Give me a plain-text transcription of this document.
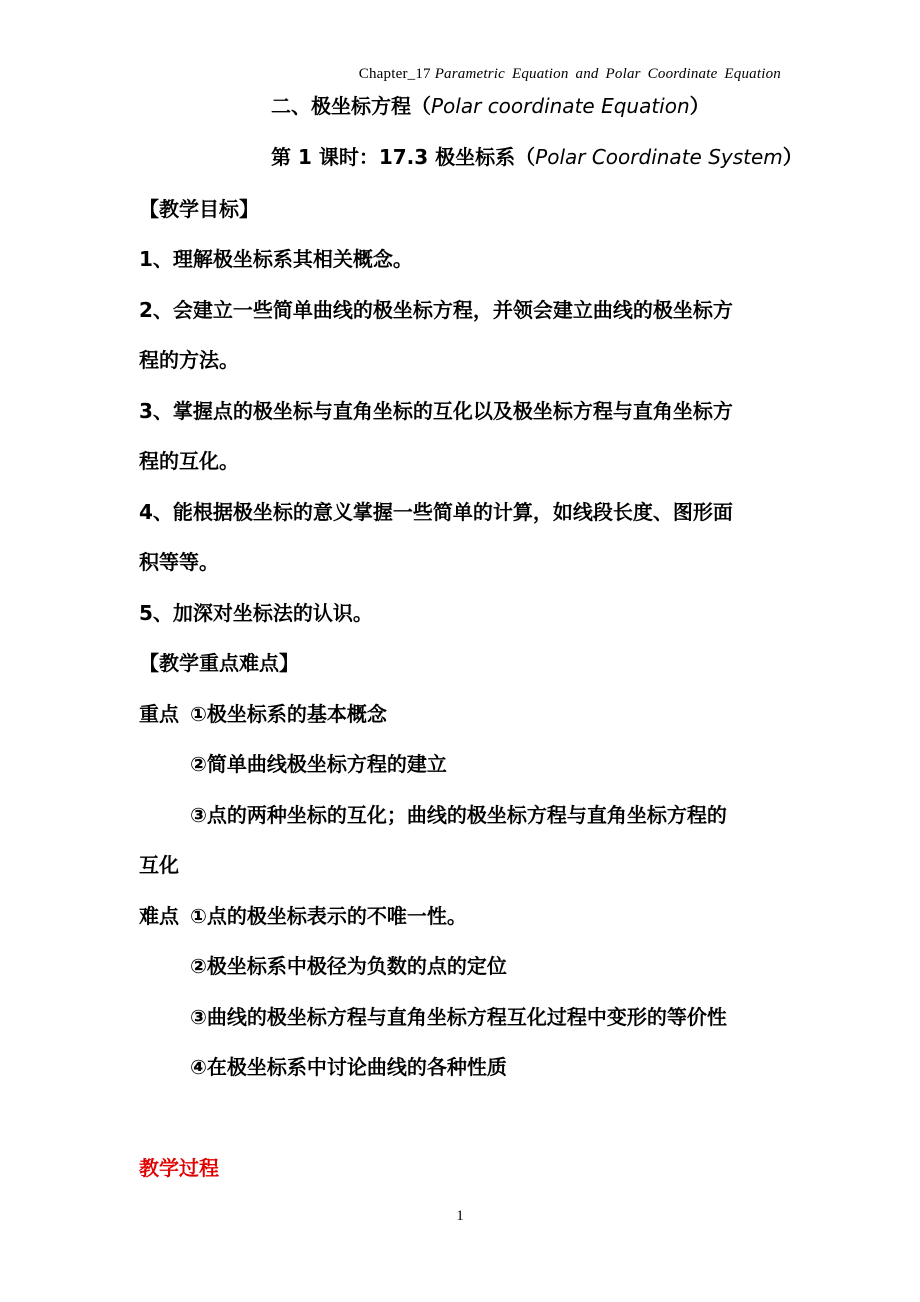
Chapter_17 Parametric Equation and Polar Coordinate Equation
二、极坐标方程（Polar coordinate Equation）
第 1 课时：17.3 极坐标系（Polar Coordinate System）
【教学目标】
1、理解极坐标系其相关概念。
2、会建立一些简单曲线的极坐标方程，并领会建立曲线的极坐标方
程的方法。
3、掌握点的极坐标与直角坐标的互化以及极坐标方程与直角坐标方
程的互化。
4、能根据极坐标的意义掌握一些简单的计算，如线段长度、图形面
积等等。
5、加深对坐标法的认识。
【教学重点难点】
重点 ①极坐标系的基本概念
②简单曲线极坐标方程的建立
③点的两种坐标的互化；曲线的极坐标方程与直角坐标方程的
互化
难点 ①点的极坐标表示的不唯一性。
②极坐标系中极径为负数的点的定位
③曲线的极坐标方程与直角坐标方程互化过程中变形的等价性
④在极坐标系中讨论曲线的各种性质
教学过程
1
